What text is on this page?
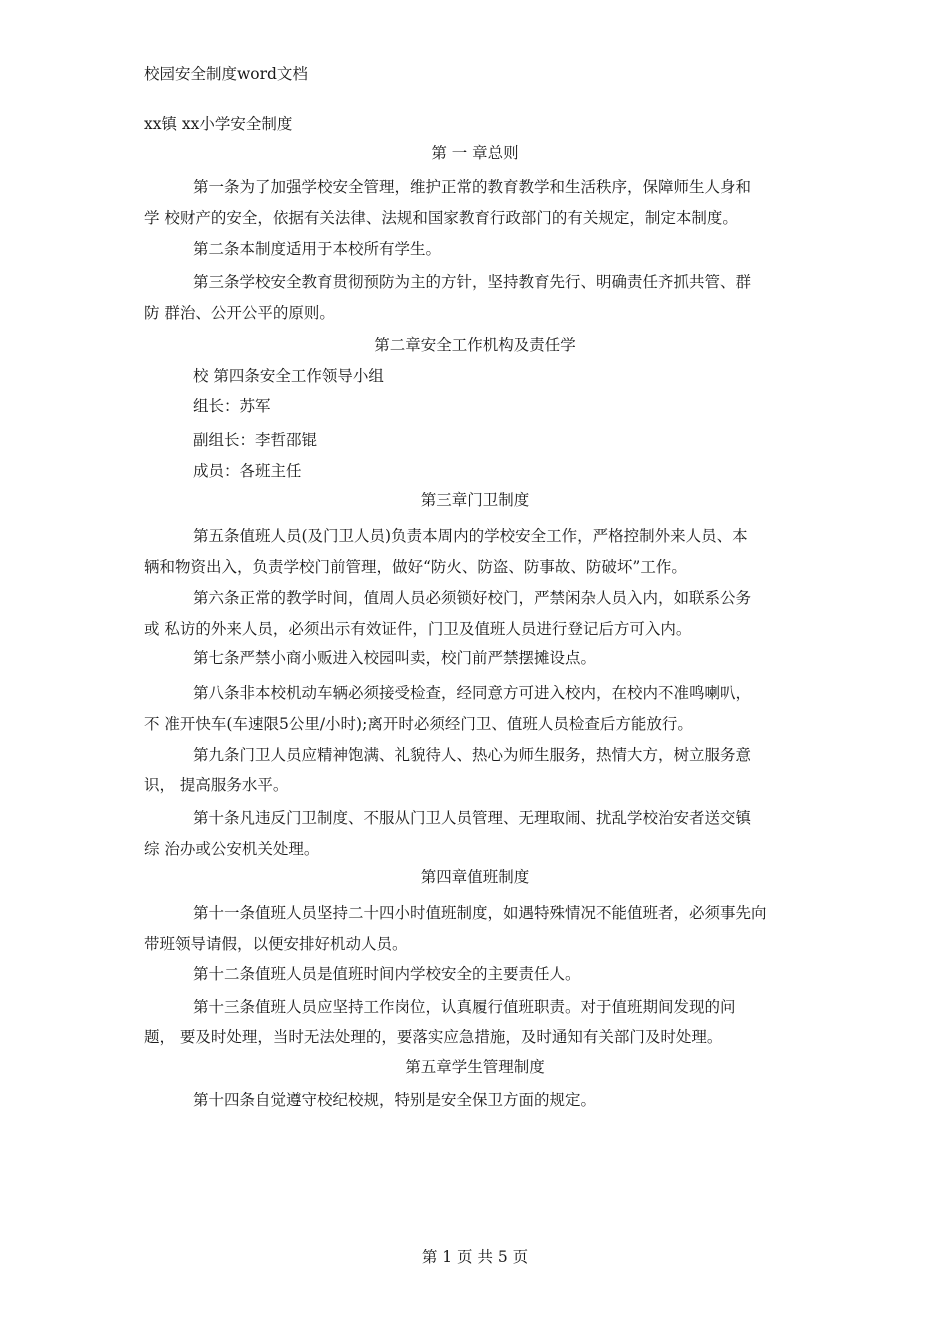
校园安全制度word文档
xx镇 xx小学安全制度
第 一 章总则
第一条为了加强学校安全管理，维护正常的教育教学和生活秩序，保障师生人身和
学 校财产的安全，依据有关法律、法规和国家教育行政部门的有关规定，制定本制度。
第二条本制度适用于本校所有学生。
第三条学校安全教育贯彻预防为主的方针，坚持教育先行、明确责任齐抓共管、群
防 群治、公开公平的原则。
第二章安全工作机构及责任学
校 第四条安全工作领导小组
组长：苏军
副组长：李哲邵锟
成员：各班主任
第三章门卫制度
第五条值班人员(及门卫人员)负责本周内的学校安全工作，严格控制外来人员、本
辆和物资出入，负责学校门前管理，做好“防火、防盗、防事故、防破坏”工作。
第六条正常的教学时间，值周人员必须锁好校门，严禁闲杂人员入内，如联系公务
或 私访的外来人员，必须出示有效证件，门卫及值班人员进行登记后方可入内。
第七条严禁小商小贩进入校园叫卖，校门前严禁摆摊设点。
第八条非本校机动车辆必须接受检查，经同意方可进入校内，在校内不准鸣喇叭，
不 准开快车(车速限5公里/小时);离开时必须经门卫、值班人员检查后方能放行。
第九条门卫人员应精神饱满、礼貌待人、热心为师生服务，热情大方，树立服务意
识， 提高服务水平。
第十条凡违反门卫制度、不服从门卫人员管理、无理取闹、扰乱学校治安者送交镇
综 治办或公安机关处理。
第四章值班制度
第十一条值班人员坚持二十四小时值班制度，如遇特殊情况不能值班者，必须事先向
带班领导请假，以便安排好机动人员。
第十二条值班人员是值班时间内学校安全的主要责任人。
第十三条值班人员应坚持工作岗位，认真履行值班职责。对于值班期间发现的问
题， 要及时处理，当时无法处理的，要落实应急措施，及时通知有关部门及时处理。
第五章学生管理制度
第十四条自觉遵守校纪校规，特别是安全保卫方面的规定。
第 1 页 共 5 页
